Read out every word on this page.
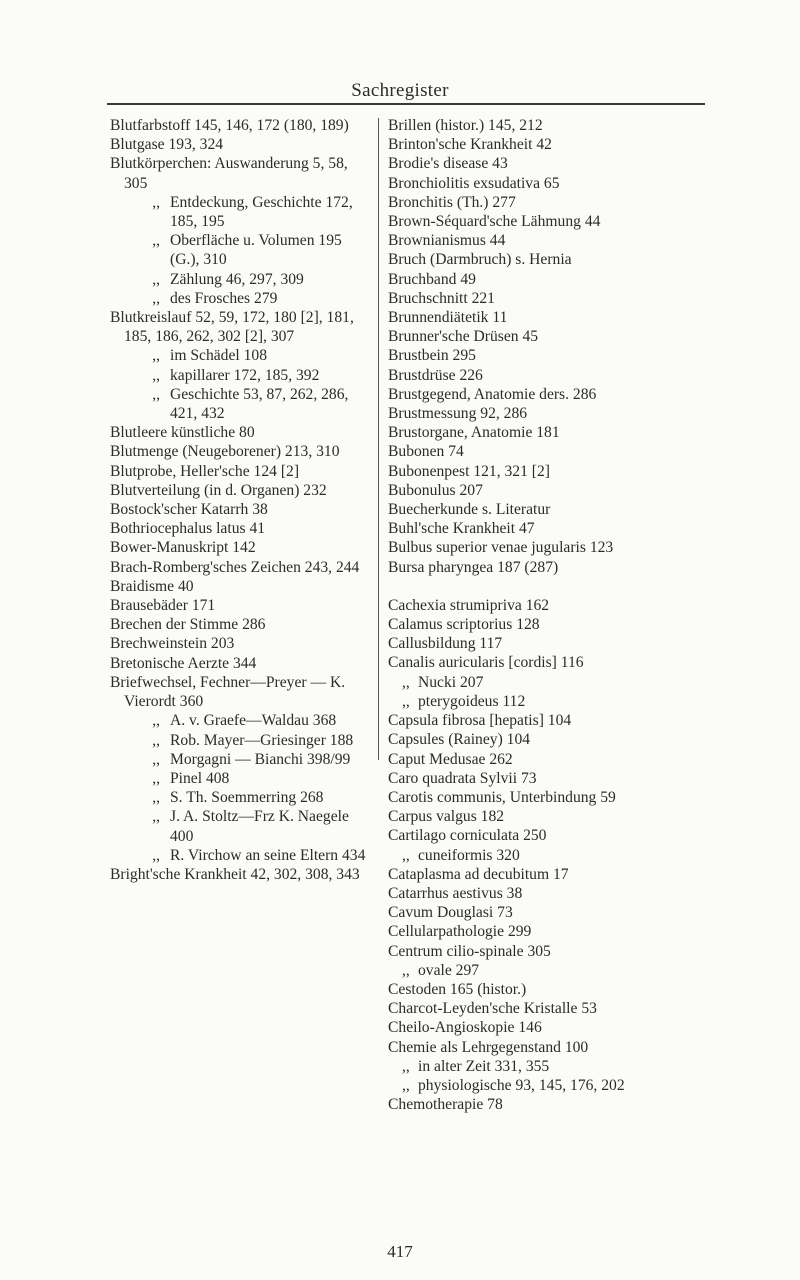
Sachregister
Blutfarbstoff 145, 146, 172 (180, 189)
Blutgase 193, 324
Blutkörperchen: Auswanderung 5, 58, 305
,, Entdeckung, Geschichte 172, 185, 195
,, Oberfläche u. Volumen 195 (G.), 310
,, Zählung 46, 297, 309
,, des Frosches 279
Blutkreislauf 52, 59, 172, 180 [2], 181, 185, 186, 262, 302 [2], 307
,, im Schädel 108
,, kapillarer 172, 185, 392
,, Geschichte 53, 87, 262, 286, 421, 432
Blutleere künstliche 80
Blutmenge (Neugeborener) 213, 310
Blutprobe, Heller'sche 124 [2]
Blutverteilung (in d. Organen) 232
Bostock'scher Katarrh 38
Bothriocephalus latus 41
Bower-Manuskript 142
Brach-Romberg'sches Zeichen 243, 244
Braidisme 40
Brausebäder 171
Brechen der Stimme 286
Brechweinstein 203
Bretonische Aerzte 344
Briefwechsel, Fechner—Preyer — K. Vierordt 360
,, A. v. Graefe—Waldau 368
,, Rob. Mayer—Griesinger 188
,, Morgagni — Bianchi 398/99
,, Pinel 408
,, S. Th. Soemmerring 268
,, J. A. Stoltz—Frz K. Naegele 400
,, R. Virchow an seine Eltern 434
Bright'sche Krankheit 42, 302, 308, 343
Brillen (histor.) 145, 212
Brinton'sche Krankheit 42
Brodie's disease 43
Bronchiolitis exsudativa 65
Bronchitis (Th.) 277
Brown-Séquard'sche Lähmung 44
Brownianismus 44
Bruch (Darmbruch) s. Hernia
Bruchband 49
Bruchschnitt 221
Brunnendiätetik 11
Brunner'sche Drüsen 45
Brustbein 295
Brustdrüse 226
Brustgegend, Anatomie ders. 286
Brustmessung 92, 286
Brustorgane, Anatomie 181
Bubonen 74
Bubonenpest 121, 321 [2]
Bubonulus 207
Buecherkunde s. Literatur
Buhl'sche Krankheit 47
Bulbus superior venae jugularis 123
Bursa pharyngea 187 (287)
Cachexia strumipriva 162
Calamus scriptorius 128
Callusbildung 117
Canalis auricularis [cordis] 116
,, Nucki 207
,, pterygoideus 112
Capsula fibrosa [hepatis] 104
Capsules (Rainey) 104
Caput Medusae 262
Caro quadrata Sylvii 73
Carotis communis, Unterbindung 59
Carpus valgus 182
Cartilago corniculata 250
,, cuneiformis 320
Cataplasma ad decubitum 17
Catarrhus aestivus 38
Cavum Douglasi 73
Cellularpathologie 299
Centrum cilio-spinale 305
,, ovale 297
Cestoden 165 (histor.)
Charcot-Leyden'sche Kristalle 53
Cheilo-Angioskopie 146
Chemie als Lehrgegenstand 100
,, in alter Zeit 331, 355
,, physiologische 93, 145, 176, 202
Chemotherapie 78
417
